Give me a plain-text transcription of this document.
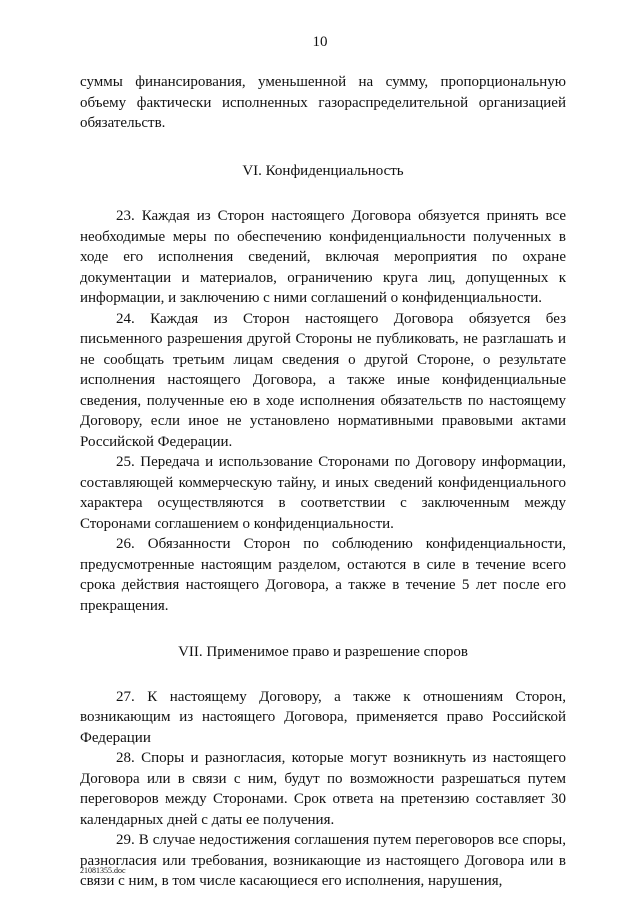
10

суммы финансирования, уменьшенной на сумму, пропорциональную объему фактически исполненных газораспределительной организацией обязательств.

VI. Конфиденциальность

23. Каждая из Сторон настоящего Договора обязуется принять все необходимые меры по обеспечению конфиденциальности полученных в ходе его исполнения сведений, включая мероприятия по охране документации и материалов, ограничению круга лиц, допущенных к информации, и заключению с ними соглашений о конфиденциальности.

24. Каждая из Сторон настоящего Договора обязуется без письменного разрешения другой Стороны не публиковать, не разглашать и не сообщать третьим лицам сведения о другой Стороне, о результате исполнения настоящего Договора, а также иные конфиденциальные сведения, полученные ею в ходе исполнения обязательств по настоящему Договору, если иное не установлено нормативными правовыми актами Российской Федерации.

25. Передача и использование Сторонами по Договору информации, составляющей коммерческую тайну, и иных сведений конфиденциального характера осуществляются в соответствии с заключенным между Сторонами соглашением о конфиденциальности.

26. Обязанности Сторон по соблюдению конфиденциальности, предусмотренные настоящим разделом, остаются в силе в течение всего срока действия настоящего Договора, а также в течение 5 лет после его прекращения.

VII. Применимое право и разрешение споров

27. К настоящему Договору, а также к отношениям Сторон, возникающим из настоящего Договора, применяется право Российской Федерации

28. Споры и разногласия, которые могут возникнуть из настоящего Договора или в связи с ним, будут по возможности разрешаться путем переговоров между Сторонами. Срок ответа на претензию составляет 30 календарных дней с даты ее получения.

29. В случае недостижения соглашения путем переговоров все споры, разногласия или требования, возникающие из настоящего Договора или в связи с ним, в том числе касающиеся его исполнения, нарушения,

21081355.doc
